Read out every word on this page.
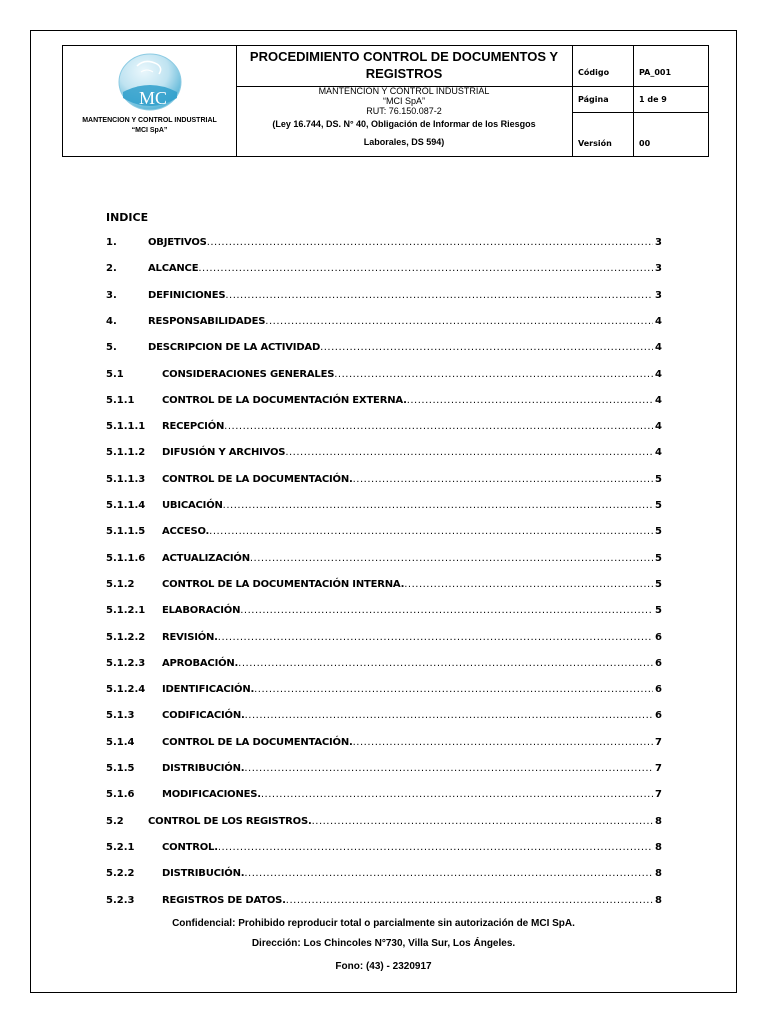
MC
MANTENCION Y CONTROL INDUSTRIAL
“MCI SpA”
PROCEDIMIENTO CONTROL DE DOCUMENTOS Y
REGISTROS
MANTENCION Y CONTROL INDUSTRIAL
“MCI SpA”
RUT: 76.150.087-2
(Ley 16.744, DS. N° 40, Obligación de Informar de los Riesgos
Laborales, DS 594)
Código	PA_001
Página	1 de 9
Versión	00
INDICE
1.	OBJETIVOS .....	3
2.	ALCANCE .....	3
3.	DEFINICIONES .....	3
4.	RESPONSABILIDADES .....	4
5.	DESCRIPCION DE LA ACTIVIDAD .....	4
5.1	CONSIDERACIONES GENERALES .....	4
5.1.1	CONTROL DE LA DOCUMENTACIÓN EXTERNA. .....	4
5.1.1.1 RECEPCIÓN .....	4
5.1.1.2 DIFUSIÓN Y ARCHIVOS .....	4
5.1.1.3 CONTROL DE LA DOCUMENTACIÓN. .....	5
5.1.1.4 UBICACIÓN .....	5
5.1.1.5 ACCESO. .....	5
5.1.1.6 ACTUALIZACIÓN .....	5
5.1.2	CONTROL DE LA DOCUMENTACIÓN INTERNA. .....	5
5.1.2.1 ELABORACIÓN .....	5
5.1.2.2 REVISIÓN. .....	6
5.1.2.3 APROBACIÓN. .....	6
5.1.2.4 IDENTIFICACIÓN. .....	6
5.1.3	CODIFICACIÓN. .....	6
5.1.4	CONTROL DE LA DOCUMENTACIÓN. .....	7
5.1.5	DISTRIBUCIÓN. .....	7
5.1.6	MODIFICACIONES. .....	7
5.2 CONTROL DE LOS REGISTROS. .....	8
5.2.1	CONTROL. .....	8
5.2.2	DISTRIBUCIÓN. .....	8
5.2.3	REGISTROS DE DATOS. .....	8
Confidencial: Prohibido reproducir total o parcialmente sin autorización de MCI SpA.
Dirección: Los Chincoles N°730, Villa Sur, Los Ángeles.
Fono: (43) - 2320917
